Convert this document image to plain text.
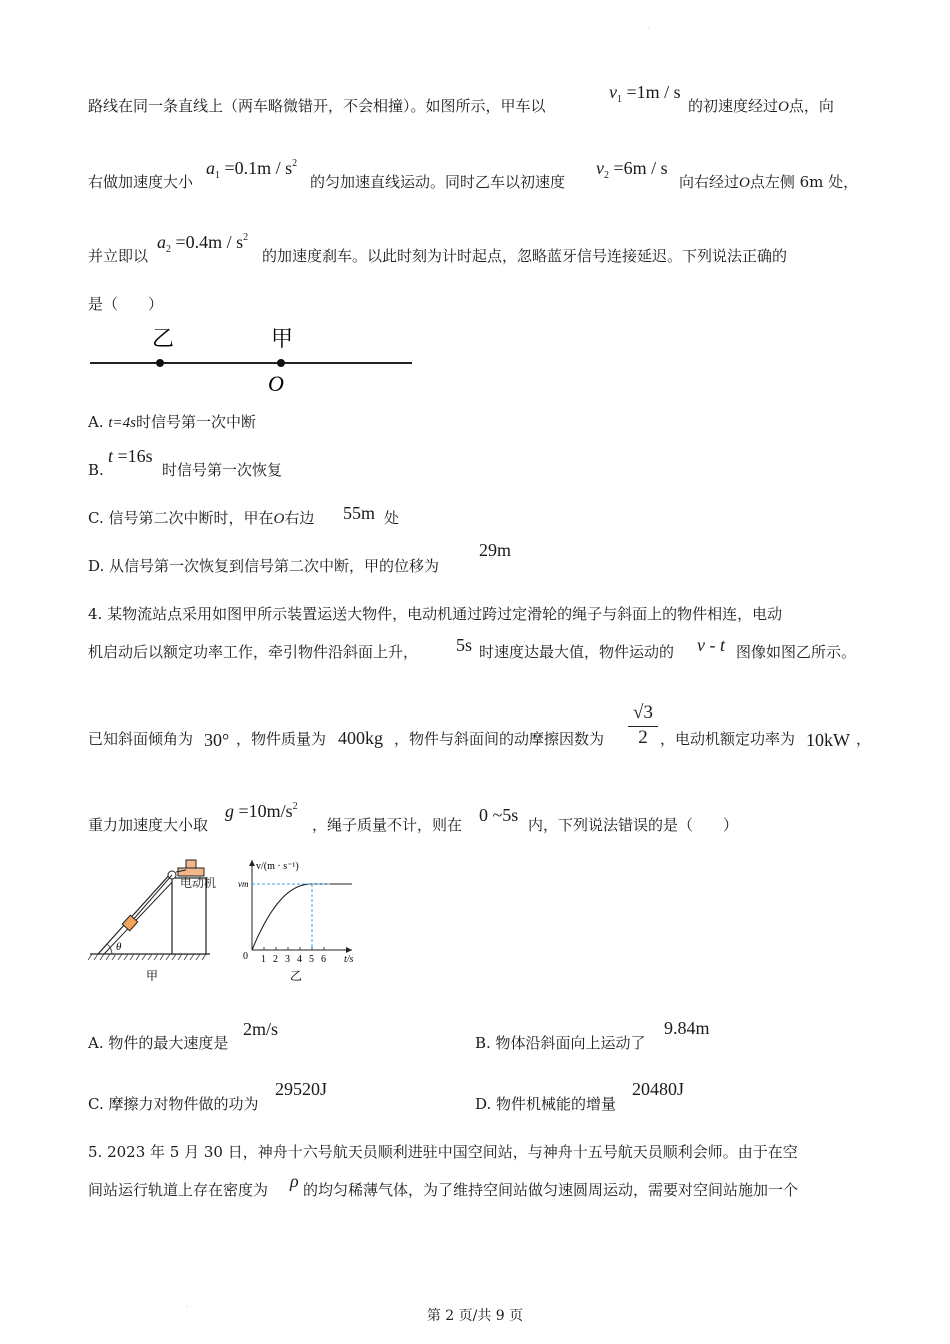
路线在同一条直线上（两车略微错开，不会相撞）。如图所示，甲车以
$v_1 =1m / s$
的初速度经过O点，向
右做加速度大小
$a_1 =0.1m / s^2$
的匀加速直线运动。同时乙车以初速度
$v_2 =6m / s$
向右经过O点左侧 6m 处，
并立即以
$a_2 =0.4m / s^2$
的加速度刹车。以此时刻为计时起点，忽略蓝牙信号连接延迟。下列说法正确的
是（　　）
乙	甲
O
A. t=4s时信号第一次中断
B.
t =16s
时信号第一次恢复
C. 信号第二次中断时，甲在O右边 55m 处
D. 从信号第一次恢复到信号第二次中断，甲的位移为
29m
4. 某物流站点采用如图甲所示装置运送大物件，电动机通过跨过定滑轮的绳子与斜面上的物件相连，电动
机启动后以额定功率工作，牵引物件沿斜面上升， 5s 时速度达最大值，物件运动的 v - t 图像如图乙所示。
已知斜面倾角为 30° ，物件质量为 400kg ，物件与斜面间的动摩擦因数为 $\frac{√3}{2}$ ，电动机额定功率为 10kW ，
重力加速度大小取
$g =10m/s^2$
，绳子质量不计，则在 0 ~5s 内，下列说法错误的是（　　）
θ
甲
电动机
v/(m · s⁻¹)
vm
t/s
0 1 2 3 4 5 6
乙
A. 物件的最大速度是
2m/s
B. 物体沿斜面向上运动了
9.84m
C. 摩擦力对物件做的功为
29520J
D. 物件机械能的增量
20480J
5. 2023 年 5 月 30 日，神舟十六号航天员顺利进驻中国空间站，与神舟十五号航天员顺利会师。由于在空
间站运行轨道上存在密度为 ρ 的均匀稀薄气体，为了维持空间站做匀速圆周运动，需要对空间站施加一个
第 2 页/共 9 页
.
.
